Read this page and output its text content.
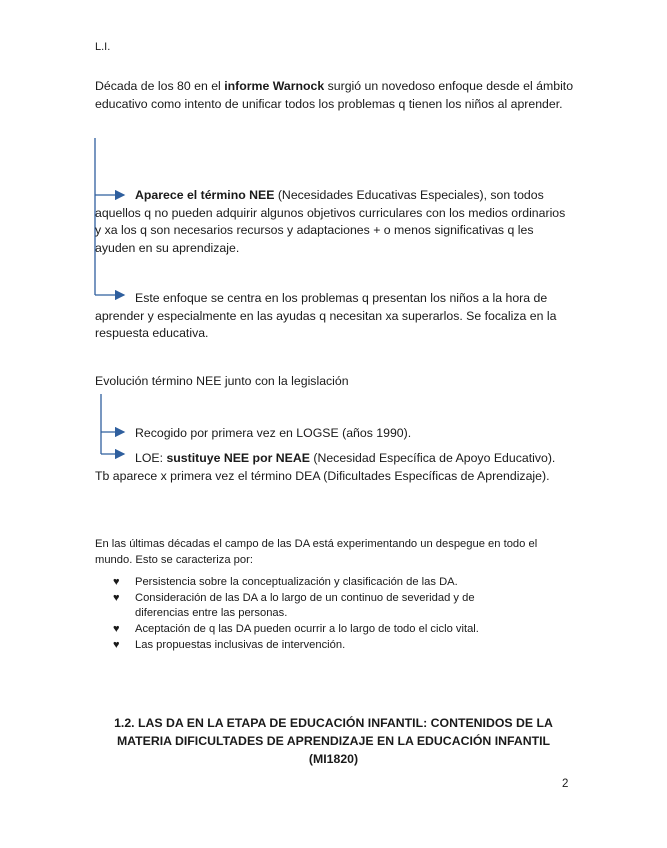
L.I.
Década de los 80 en el informe Warnock surgió un novedoso enfoque desde el ámbito educativo como intento de unificar todos los problemas q tienen los niños al aprender.
Aparece el término NEE (Necesidades Educativas Especiales), son todos aquellos q no pueden adquirir algunos objetivos curriculares con los medios ordinarios y xa los q son necesarios recursos y adaptaciones + o menos significativas q les ayuden en su aprendizaje.
Este enfoque se centra en los problemas q presentan los niños a la hora de aprender y especialmente en las ayudas q necesitan xa superarlos. Se focaliza en la respuesta educativa.
Evolución término NEE junto con la legislación
Recogido por primera vez en LOGSE (años 1990).
LOE: sustituye NEE por NEAE (Necesidad Específica de Apoyo Educativo). Tb aparece x primera vez el término DEA (Dificultades Específicas de Aprendizaje).
En las últimas décadas el campo de las DA está experimentando un despegue en todo el mundo. Esto se caracteriza por:
♥ Persistencia sobre la conceptualización y clasificación de las DA.
♥ Consideración de las DA a lo largo de un continuo de severidad y de diferencias entre las personas.
♥ Aceptación de q las DA pueden ocurrir a lo largo de todo el ciclo vital.
♥ Las propuestas inclusivas de intervención.
1.2. LAS DA EN LA ETAPA DE EDUCACIÓN INFANTIL: CONTENIDOS DE LA MATERIA DIFICULTADES DE APRENDIZAJE EN LA EDUCACIÓN INFANTIL (MI1820)
2
